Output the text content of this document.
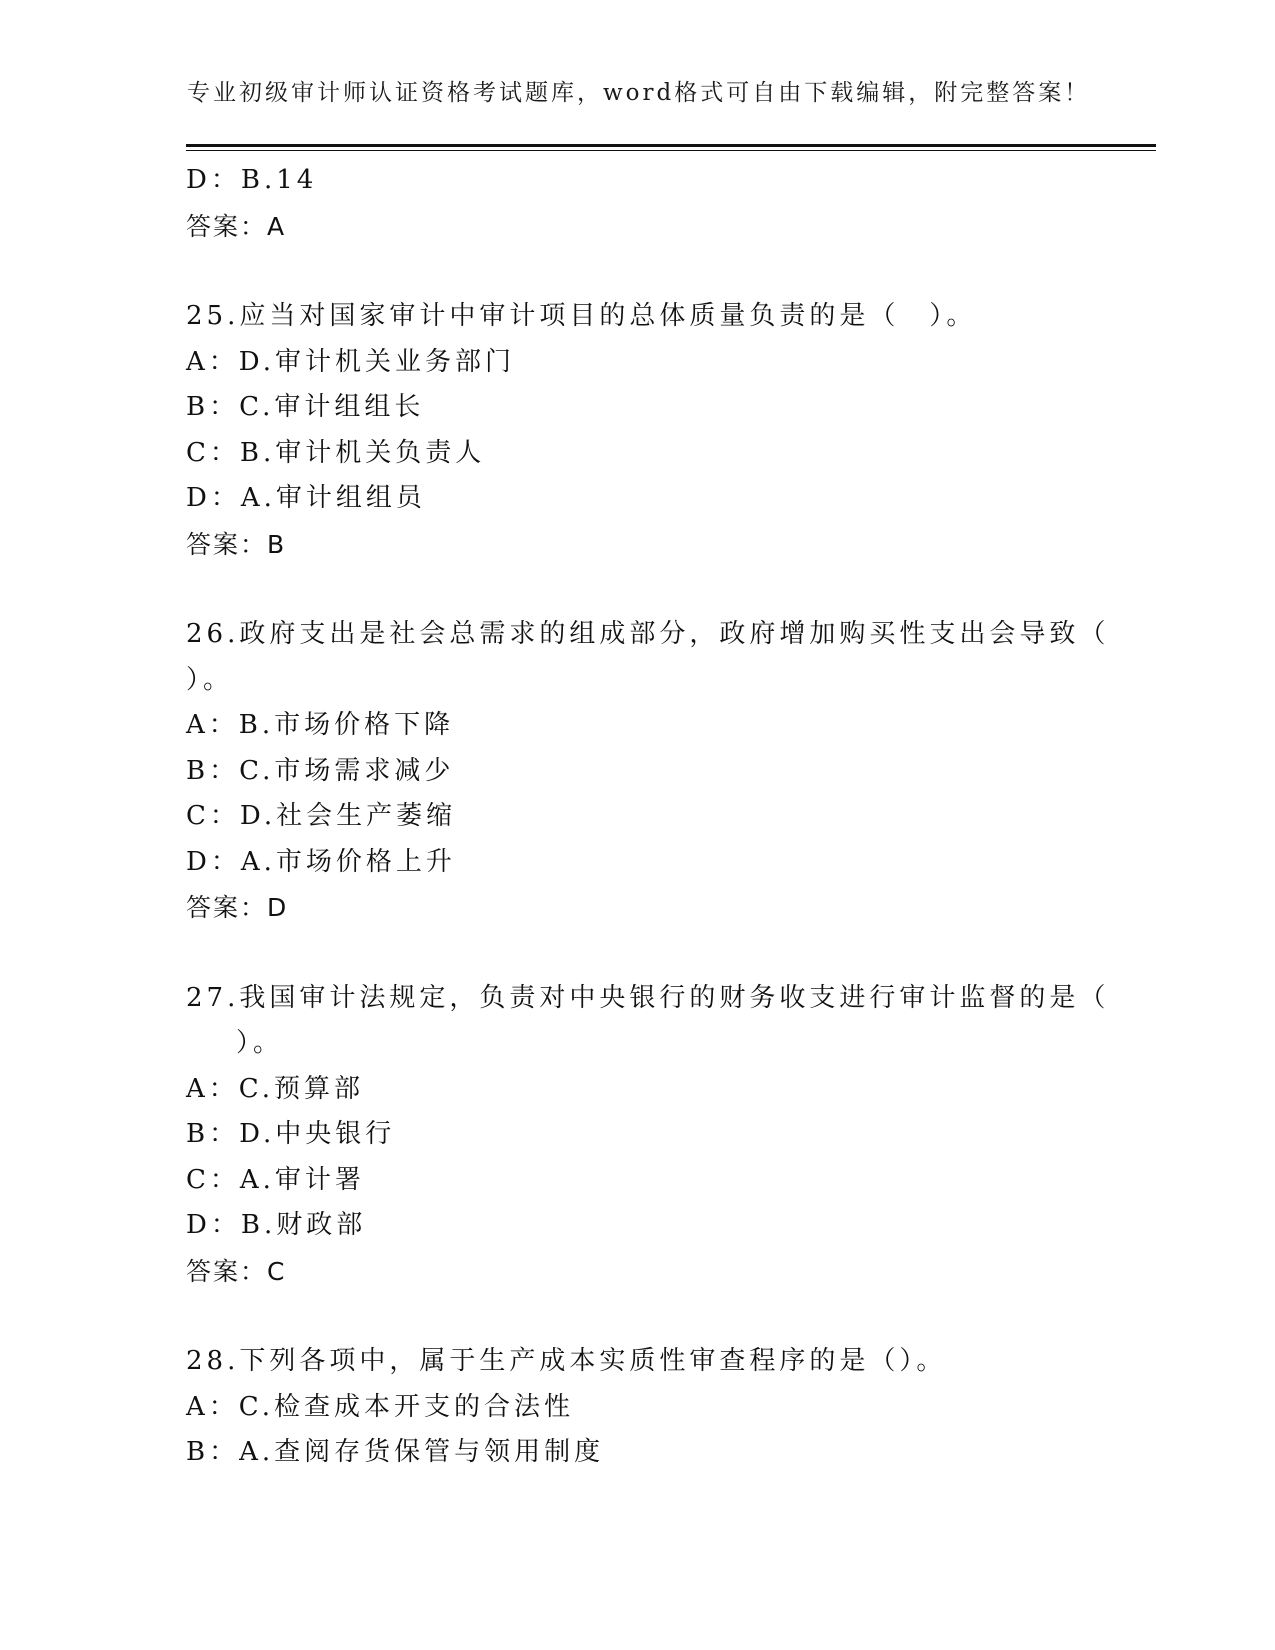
专业初级审计师认证资格考试题库，word格式可自由下载编辑，附完整答案！
D：B.14
答案：A
25.应当对国家审计中审计项目的总体质量负责的是（　）。
A：D.审计机关业务部门
B：C.审计组组长
C：B.审计机关负责人
D：A.审计组组员
答案：B
26.政府支出是社会总需求的组成部分，政府增加购买性支出会导致（
）。
A：B.市场价格下降
B：C.市场需求减少
C：D.社会生产萎缩
D：A.市场价格上升
答案：D
27.我国审计法规定，负责对中央银行的财务收支进行审计监督的是（
）。
A：C.预算部
B：D.中央银行
C：A.审计署
D：B.财政部
答案：C
28.下列各项中，属于生产成本实质性审查程序的是（）。
A：C.检查成本开支的合法性
B：A.查阅存货保管与领用制度
